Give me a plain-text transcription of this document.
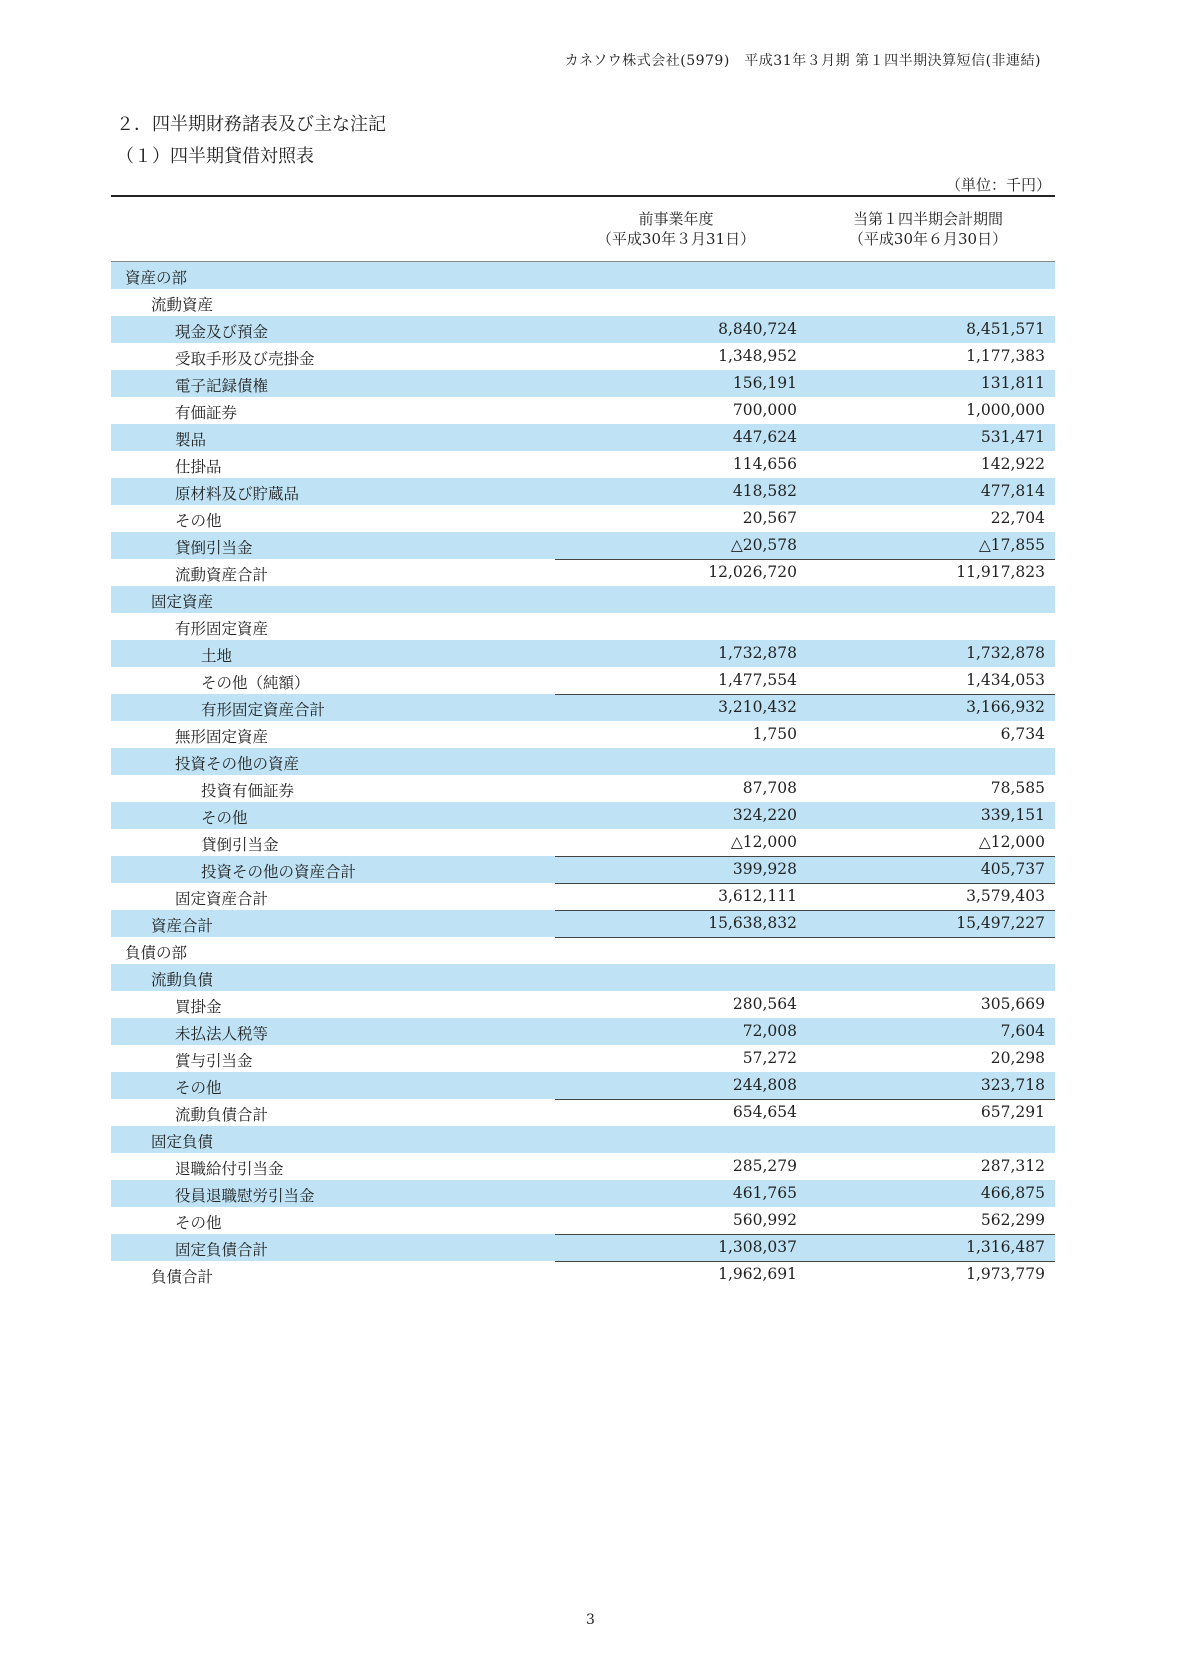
カネソウ株式会社(5979)　平成31年３月期 第１四半期決算短信(非連結)
２．四半期財務諸表及び主な注記
（１）四半期貸借対照表
（単位：千円）
前事業年度
（平成30年３月31日）
当第１四半期会計期間
（平成30年６月30日）
資産の部
流動資産
現金及び預金	8,840,724	8,451,571
受取手形及び売掛金	1,348,952	1,177,383
電子記録債権	156,191	131,811
有価証券	700,000	1,000,000
製品	447,624	531,471
仕掛品	114,656	142,922
原材料及び貯蔵品	418,582	477,814
その他	20,567	22,704
貸倒引当金	△20,578	△17,855
流動資産合計	12,026,720	11,917,823
固定資産
有形固定資産
土地	1,732,878	1,732,878
その他（純額）	1,477,554	1,434,053
有形固定資産合計	3,210,432	3,166,932
無形固定資産	1,750	6,734
投資その他の資産
投資有価証券	87,708	78,585
その他	324,220	339,151
貸倒引当金	△12,000	△12,000
投資その他の資産合計	399,928	405,737
固定資産合計	3,612,111	3,579,403
資産合計	15,638,832	15,497,227
負債の部
流動負債
買掛金	280,564	305,669
未払法人税等	72,008	7,604
賞与引当金	57,272	20,298
その他	244,808	323,718
流動負債合計	654,654	657,291
固定負債
退職給付引当金	285,279	287,312
役員退職慰労引当金	461,765	466,875
その他	560,992	562,299
固定負債合計	1,308,037	1,316,487
負債合計	1,962,691	1,973,779
3
